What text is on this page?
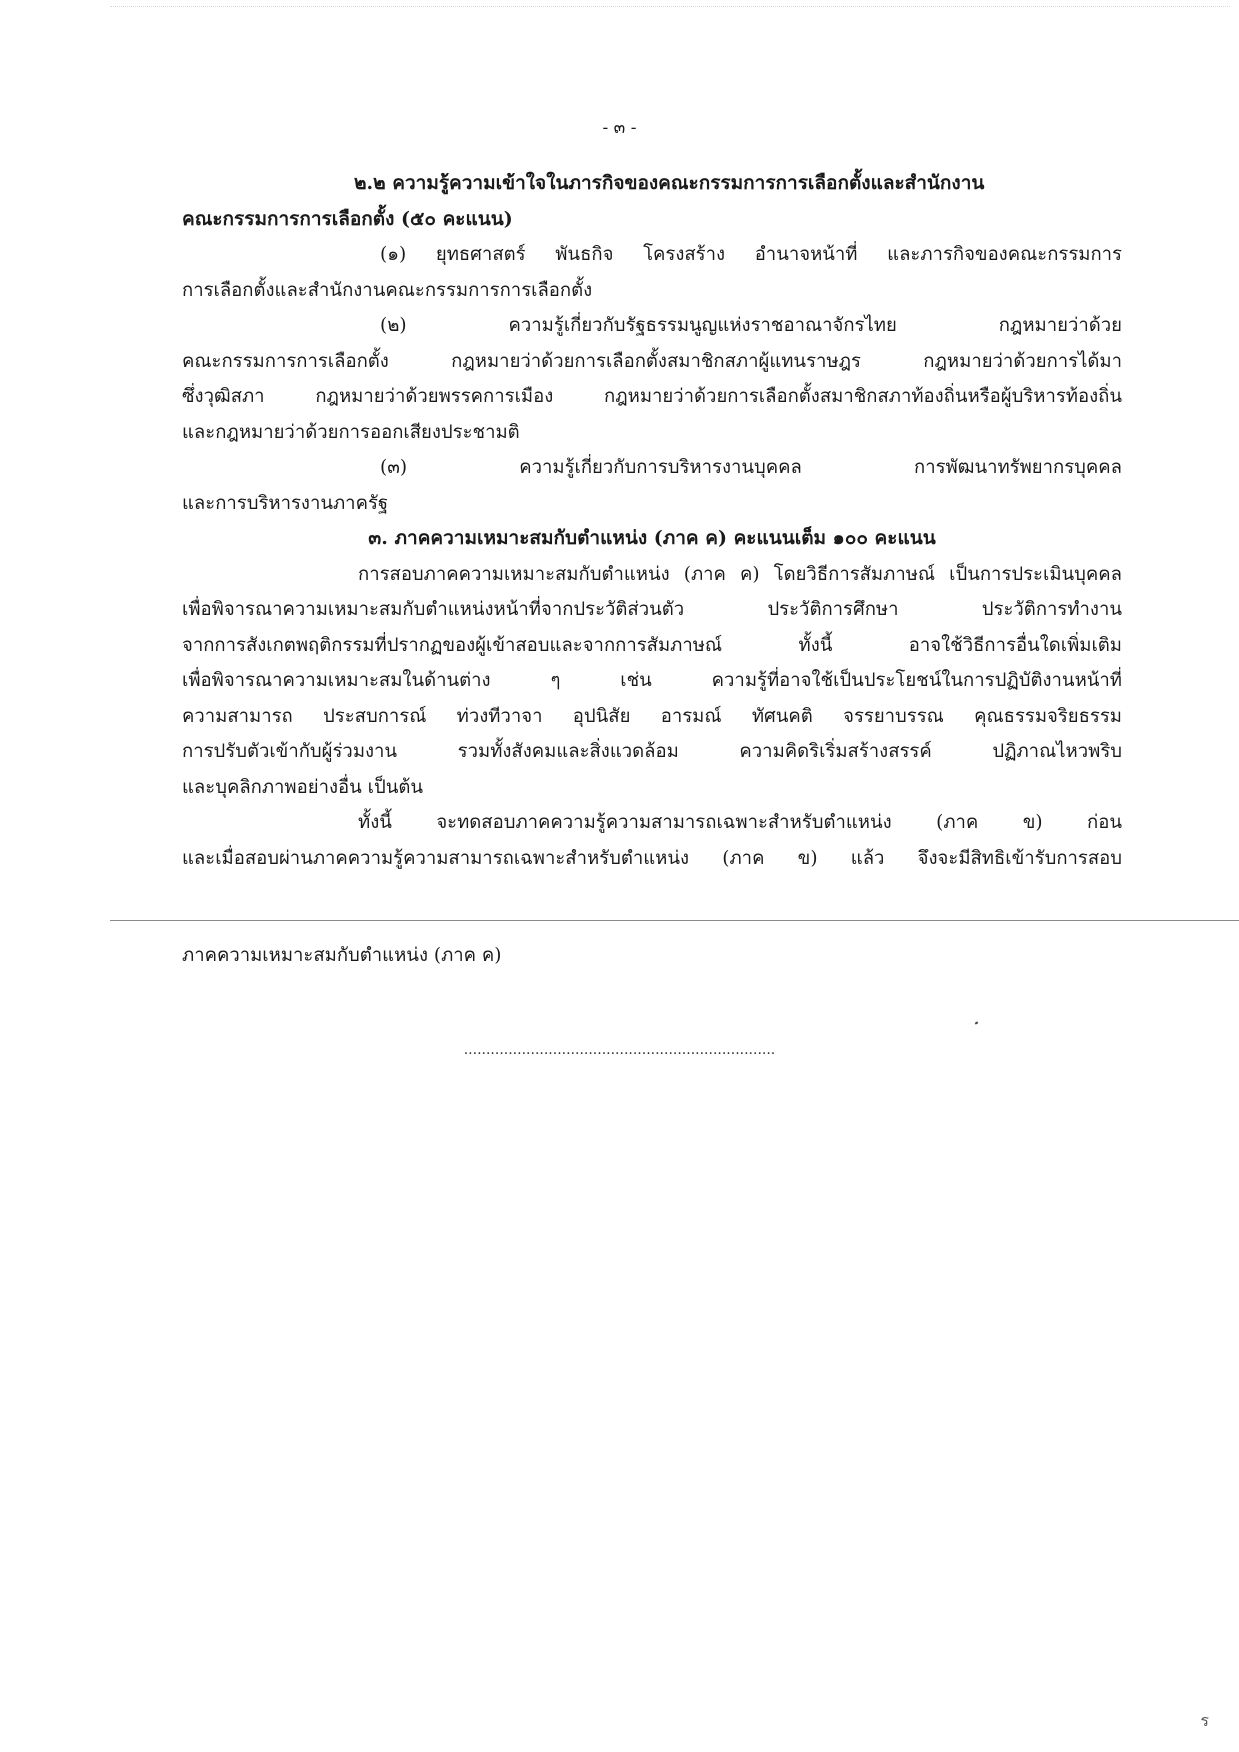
- ๓ -
๒.๒ ความรู้ความเข้าใจในภารกิจของคณะกรรมการการเลือกตั้งและสำนักงาน
คณะกรรมการการเลือกตั้ง (๕๐ คะแนน)
(๑) ยุทธศาสตร์ พันธกิจ โครงสร้าง อำนาจหน้าที่ และภารกิจของคณะกรรมการ
การเลือกตั้งและสำนักงานคณะกรรมการการเลือกตั้ง
(๒) ความรู้เกี่ยวกับรัฐธรรมนูญแห่งราชอาณาจักรไทย กฎหมายว่าด้วย
คณะกรรมการการเลือกตั้ง กฎหมายว่าด้วยการเลือกตั้งสมาชิกสภาผู้แทนราษฎร กฎหมายว่าด้วยการได้มา
ซึ่งวุฒิสภา กฎหมายว่าด้วยพรรคการเมือง กฎหมายว่าด้วยการเลือกตั้งสมาชิกสภาท้องถิ่นหรือผู้บริหารท้องถิ่น
และกฎหมายว่าด้วยการออกเสียงประชามติ
(๓) ความรู้เกี่ยวกับการบริหารงานบุคคล การพัฒนาทรัพยากรบุคคล
และการบริหารงานภาครัฐ
๓. ภาคความเหมาะสมกับตำแหน่ง (ภาค ค) คะแนนเต็ม ๑๐๐ คะแนน
การสอบภาคความเหมาะสมกับตำแหน่ง (ภาค ค) โดยวิธีการสัมภาษณ์ เป็นการประเมินบุคคล
เพื่อพิจารณาความเหมาะสมกับตำแหน่งหน้าที่จากประวัติส่วนตัว ประวัติการศึกษา ประวัติการทำงาน
จากการสังเกตพฤติกรรมที่ปรากฏของผู้เข้าสอบและจากการสัมภาษณ์ ทั้งนี้ อาจใช้วิธีการอื่นใดเพิ่มเติม
เพื่อพิจารณาความเหมาะสมในด้านต่าง ๆ เช่น ความรู้ที่อาจใช้เป็นประโยชน์ในการปฏิบัติงานหน้าที่
ความสามารถ ประสบการณ์ ท่วงทีวาจา อุปนิสัย อารมณ์ ทัศนคติ จรรยาบรรณ คุณธรรมจริยธรรม
การปรับตัวเข้ากับผู้ร่วมงาน รวมทั้งสังคมและสิ่งแวดล้อม ความคิดริเริ่มสร้างสรรค์ ปฏิภาณไหวพริบ
และบุคลิกภาพอย่างอื่น เป็นต้น
ทั้งนี้ จะทดสอบภาคความรู้ความสามารถเฉพาะสำหรับตำแหน่ง (ภาค ข) ก่อน
และเมื่อสอบผ่านภาคความรู้ความสามารถเฉพาะสำหรับตำแหน่ง (ภาค ข) แล้ว จึงจะมีสิทธิเข้ารับการสอบ
ภาคความเหมาะสมกับตำแหน่ง (ภาค ค)
......................................................................
ร
